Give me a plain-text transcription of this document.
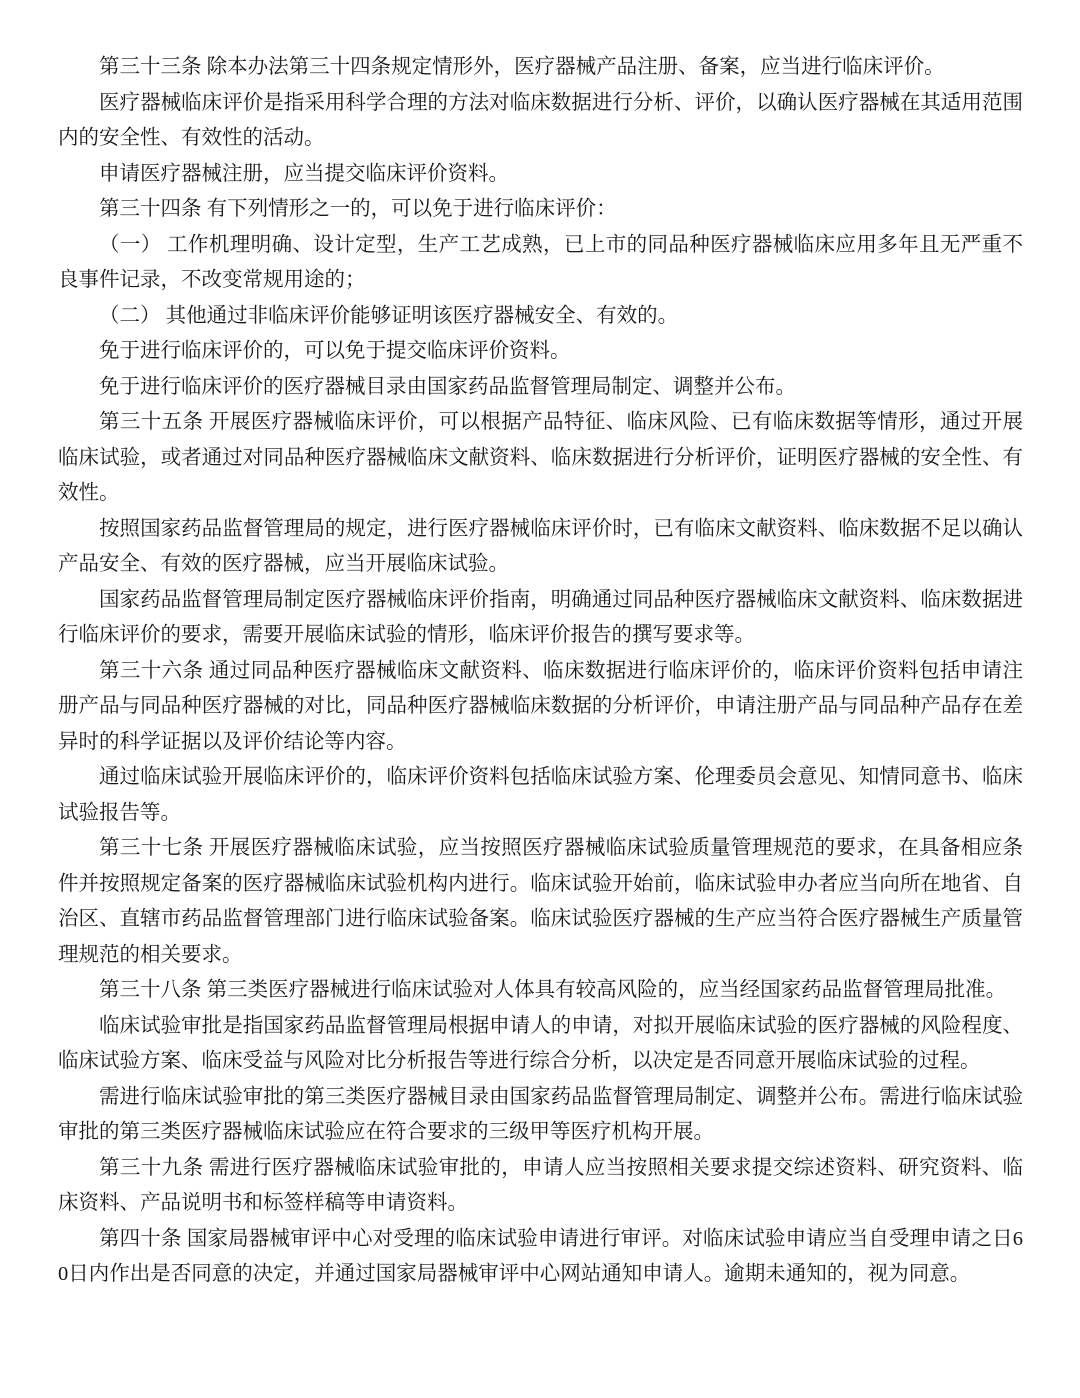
第三十三条 除本办法第三十四条规定情形外，医疗器械产品注册、备案，应当进行临床评价。

医疗器械临床评价是指采用科学合理的方法对临床数据进行分析、评价，以确认医疗器械在其适用范围内的安全性、有效性的活动。

申请医疗器械注册，应当提交临床评价资料。

第三十四条 有下列情形之一的，可以免于进行临床评价：

（一） 工作机理明确、设计定型，生产工艺成熟，已上市的同品种医疗器械临床应用多年且无严重不良事件记录，不改变常规用途的；

（二） 其他通过非临床评价能够证明该医疗器械安全、有效的。

免于进行临床评价的，可以免于提交临床评价资料。

免于进行临床评价的医疗器械目录由国家药品监督管理局制定、调整并公布。

第三十五条 开展医疗器械临床评价，可以根据产品特征、临床风险、已有临床数据等情形，通过开展临床试验，或者通过对同品种医疗器械临床文献资料、临床数据进行分析评价，证明医疗器械的安全性、有效性。

按照国家药品监督管理局的规定，进行医疗器械临床评价时，已有临床文献资料、临床数据不足以确认产品安全、有效的医疗器械，应当开展临床试验。

国家药品监督管理局制定医疗器械临床评价指南，明确通过同品种医疗器械临床文献资料、临床数据进行临床评价的要求，需要开展临床试验的情形，临床评价报告的撰写要求等。

第三十六条 通过同品种医疗器械临床文献资料、临床数据进行临床评价的，临床评价资料包括申请注册产品与同品种医疗器械的对比，同品种医疗器械临床数据的分析评价，申请注册产品与同品种产品存在差异时的科学证据以及评价结论等内容。

通过临床试验开展临床评价的，临床评价资料包括临床试验方案、伦理委员会意见、知情同意书、临床试验报告等。

第三十七条 开展医疗器械临床试验，应当按照医疗器械临床试验质量管理规范的要求，在具备相应条件并按照规定备案的医疗器械临床试验机构内进行。临床试验开始前，临床试验申办者应当向所在地省、自治区、直辖市药品监督管理部门进行临床试验备案。临床试验医疗器械的生产应当符合医疗器械生产质量管理规范的相关要求。

第三十八条 第三类医疗器械进行临床试验对人体具有较高风险的，应当经国家药品监督管理局批准。

临床试验审批是指国家药品监督管理局根据申请人的申请，对拟开展临床试验的医疗器械的风险程度、临床试验方案、临床受益与风险对比分析报告等进行综合分析，以决定是否同意开展临床试验的过程。

需进行临床试验审批的第三类医疗器械目录由国家药品监督管理局制定、调整并公布。需进行临床试验审批的第三类医疗器械临床试验应在符合要求的三级甲等医疗机构开展。

第三十九条 需进行医疗器械临床试验审批的，申请人应当按照相关要求提交综述资料、研究资料、临床资料、产品说明书和标签样稿等申请资料。

第四十条 国家局器械审评中心对受理的临床试验申请进行审评。对临床试验申请应当自受理申请之日60日内作出是否同意的决定，并通过国家局器械审评中心网站通知申请人。逾期未通知的，视为同意。
